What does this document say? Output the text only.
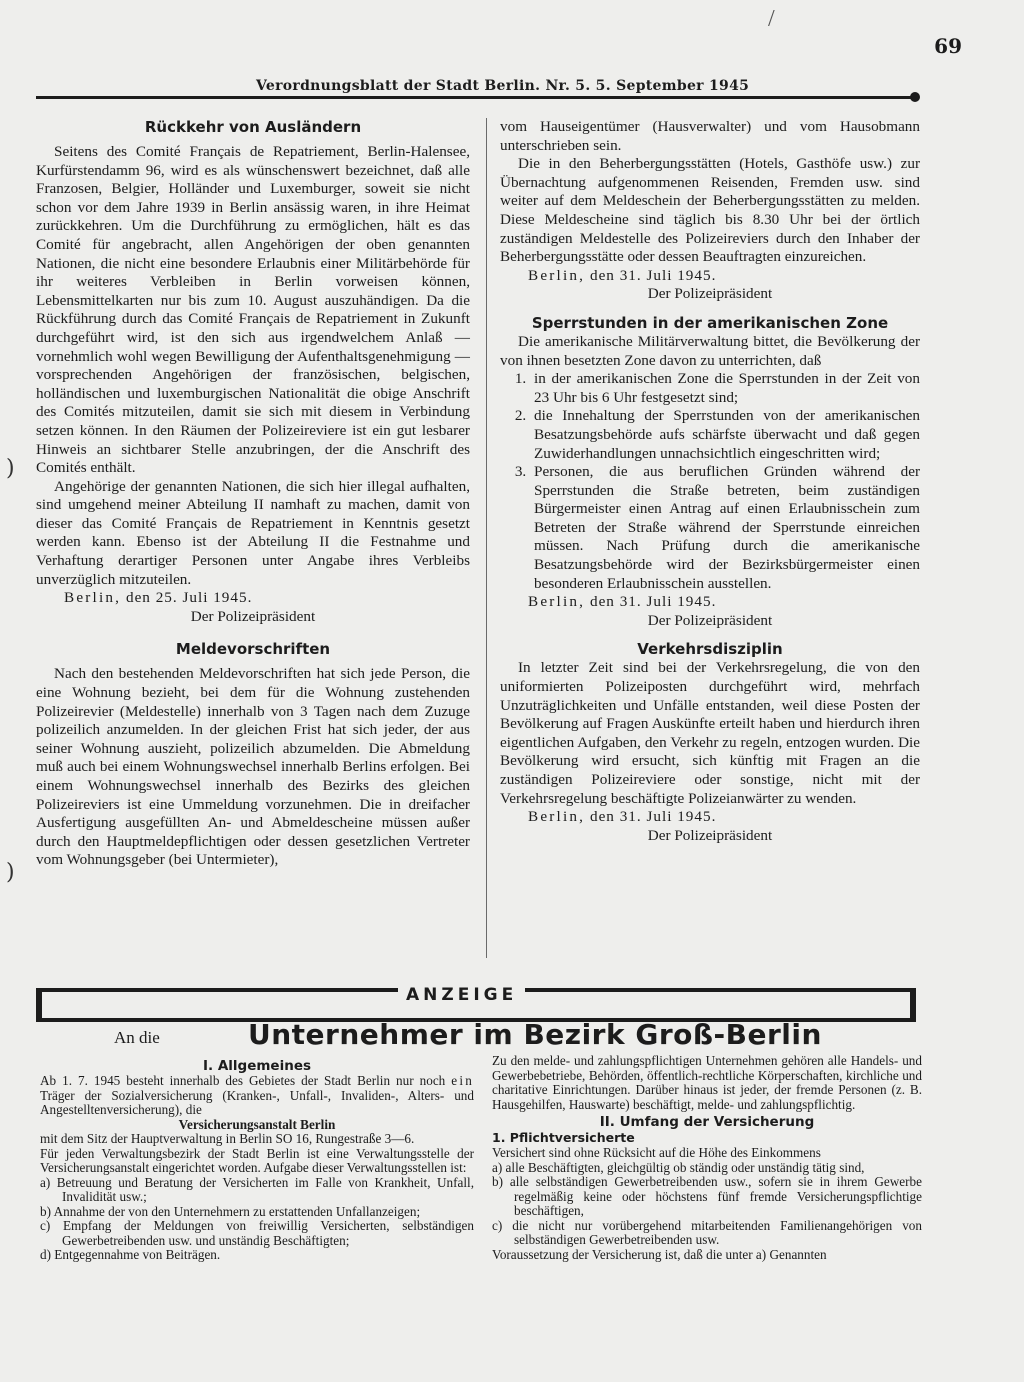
/
69
Verordnungsblatt der Stadt Berlin. Nr. 5. 5. September 1945
)
)
Rückkehr von Ausländern

Seitens des Comité Français de Repatriement, Berlin-Halensee, Kurfürstendamm 96, wird es als wünschenswert bezeichnet, daß alle Franzosen, Belgier, Holländer und Luxemburger, soweit sie nicht schon vor dem Jahre 1939 in Berlin ansässig waren, in ihre Heimat zurückkehren. Um die Durchführung zu ermöglichen, hält es das Comité für angebracht, allen Angehörigen der oben genannten Nationen, die nicht eine besondere Erlaubnis einer Militärbehörde für ihr weiteres Verbleiben in Berlin vorweisen können, Lebensmittelkarten nur bis zum 10. August auszuhändigen. Da die Rückführung durch das Comité Français de Repatriement in Zukunft durchgeführt wird, ist den sich aus irgendwelchem Anlaß — vornehmlich wohl wegen Bewilligung der Aufenthaltsgenehmigung — vorsprechenden Angehörigen der französischen, belgischen, holländischen und luxemburgischen Nationalität die obige Anschrift des Comités mitzuteilen, damit sie sich mit diesem in Verbindung setzen können. In den Räumen der Polizeireviere ist ein gut lesbarer Hinweis an sichtbarer Stelle anzubringen, der die Anschrift des Comités enthält.

Angehörige der genannten Nationen, die sich hier illegal aufhalten, sind umgehend meiner Abteilung II namhaft zu machen, damit von dieser das Comité Français de Repatriement in Kenntnis gesetzt werden kann. Ebenso ist der Abteilung II die Festnahme und Verhaftung derartiger Personen unter Angabe ihres Verbleibs unverzüglich mitzuteilen.

Berlin, den 25. Juli 1945.

Der Polizeipräsident

Meldevorschriften

Nach den bestehenden Meldevorschriften hat sich jede Person, die eine Wohnung bezieht, bei dem für die Wohnung zustehenden Polizeirevier (Meldestelle) innerhalb von 3 Tagen nach dem Zuzuge polizeilich anzumelden. In der gleichen Frist hat sich jeder, der aus seiner Wohnung auszieht, polizeilich abzumelden. Die Abmeldung muß auch bei einem Wohnungswechsel innerhalb Berlins erfolgen. Bei einem Wohnungswechsel innerhalb des Bezirks des gleichen Polizeireviers ist eine Ummeldung vorzunehmen. Die in dreifacher Ausfertigung ausgefüllten An- und Abmeldescheine müssen außer durch den Hauptmeldepflichtigen oder dessen gesetzlichen Vertreter vom Wohnungsgeber (bei Untermieter),

vom Hauseigentümer (Hausverwalter) und vom Hausobmann unterschrieben sein.

Die in den Beherbergungsstätten (Hotels, Gasthöfe usw.) zur Übernachtung aufgenommenen Reisenden, Fremden usw. sind weiter auf dem Meldeschein der Beherbergungsstätten zu melden. Diese Meldescheine sind täglich bis 8.30 Uhr bei der örtlich zuständigen Meldestelle des Polizeireviers durch den Inhaber der Beherbergungsstätte oder dessen Beauftragten einzureichen.

Berlin, den 31. Juli 1945.

Der Polizeipräsident

Sperrstunden in der amerikanischen Zone

Die amerikanische Militärverwaltung bittet, die Bevölkerung der von ihnen besetzten Zone davon zu unterrichten, daß

1. in der amerikanischen Zone die Sperrstunden in der Zeit von 23 Uhr bis 6 Uhr festgesetzt sind;
2. die Innehaltung der Sperrstunden von der amerikanischen Besatzungsbehörde aufs schärfste überwacht und daß gegen Zuwiderhandlungen unnachsichtlich eingeschritten wird;
3. Personen, die aus beruflichen Gründen während der Sperrstunden die Straße betreten, beim zuständigen Bürgermeister einen Antrag auf einen Erlaubnisschein zum Betreten der Straße während der Sperrstunde einreichen müssen. Nach Prüfung durch die amerikanische Besatzungsbehörde wird der Bezirksbürgermeister einen besonderen Erlaubnisschein ausstellen.

Berlin, den 31. Juli 1945.

Der Polizeipräsident

Verkehrsdisziplin

In letzter Zeit sind bei der Verkehrsregelung, die von den uniformierten Polizeiposten durchgeführt wird, mehrfach Unzuträglichkeiten und Unfälle entstanden, weil diese Posten der Bevölkerung auf Fragen Auskünfte erteilt haben und hierdurch ihren eigentlichen Aufgaben, den Verkehr zu regeln, entzogen wurden. Die Bevölkerung wird ersucht, sich künftig mit Fragen an die zuständigen Polizeireviere oder sonstige, nicht mit der Verkehrsregelung beschäftigte Polizeianwärter zu wenden.

Berlin, den 31. Juli 1945.

Der Polizeipräsident

ANZEIGE
An die	Unternehmer im Bezirk Groß-Berlin
I. Allgemeines

Ab 1. 7. 1945 besteht innerhalb des Gebietes der Stadt Berlin nur noch ein Träger der Sozialversicherung (Kranken-, Unfall-, Invaliden-, Alters- und Angestelltenversicherung), die

Versicherungsanstalt Berlin

mit dem Sitz der Hauptverwaltung in Berlin SO 16, Rungestraße 3—6.

Für jeden Verwaltungsbezirk der Stadt Berlin ist eine Verwaltungsstelle der Versicherungsanstalt eingerichtet worden. Aufgabe dieser Verwaltungsstellen ist:

a) Betreuung und Beratung der Versicherten im Falle von Krankheit, Unfall, Invalidität usw.;
b) Annahme der von den Unternehmern zu erstattenden Unfallanzeigen;
c) Empfang der Meldungen von freiwillig Versicherten, selbständigen Gewerbetreibenden usw. und unständig Beschäftigten;
d) Entgegennahme von Beiträgen.

Zu den melde- und zahlungspflichtigen Unternehmen gehören alle Handels- und Gewerbebetriebe, Behörden, öffentlich-rechtliche Körperschaften, kirchliche und charitative Einrichtungen. Darüber hinaus ist jeder, der fremde Personen (z. B. Hausgehilfen, Hauswarte) beschäftigt, melde- und zahlungspflichtig.

II. Umfang der Versicherung

1. Pflichtversicherte

Versichert sind ohne Rücksicht auf die Höhe des Einkommens

a) alle Beschäftigten, gleichgültig ob ständig oder unständig tätig sind,
b) alle selbständigen Gewerbetreibenden usw., sofern sie in ihrem Gewerbe regelmäßig keine oder höchstens fünf fremde Versicherungspflichtige beschäftigen,
c) die nicht nur vorübergehend mitarbeitenden Familienangehörigen von selbständigen Gewerbetreibenden usw.

Voraussetzung der Versicherung ist, daß die unter a) Genannten
